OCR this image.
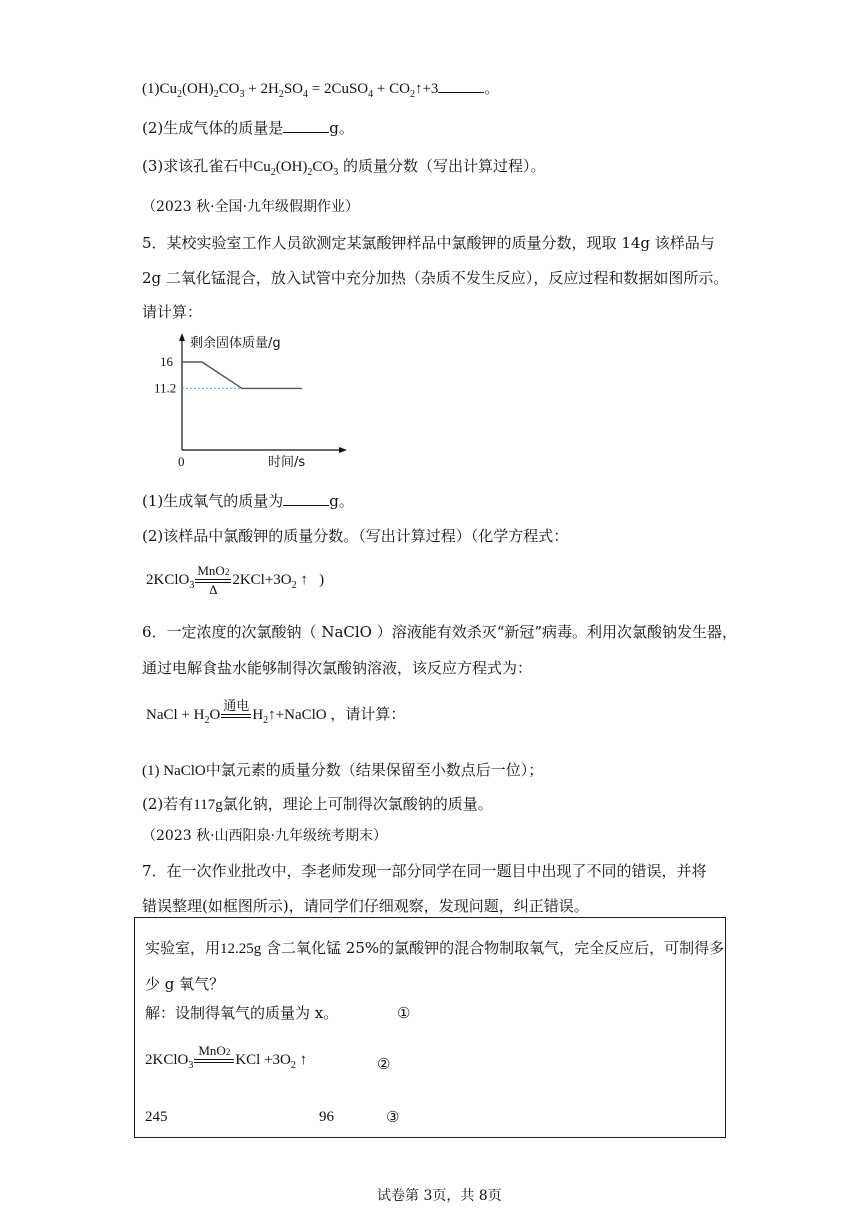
$(1)Cu_2(OH)_2CO_3 + 2H_2SO_4$ = 2CuSO$_4$ + $CO_2↑+3$	。
(2)生成气体的质量是	g。
(3)求该孔雀石中$Cu_2(OH)_2CO_3$ 的质量分数（写出计算过程）。
（2023 秋·全国·九年级假期作业）
5．某校实验室工作人员欲测定某氯酸钾样品中氯酸钾的质量分数，现取 14g 该样品与
2g 二氧化锰混合，放入试管中充分加热（杂质不发生反应），反应过程和数据如图所示。
请计算：
剩余固体质量/g
时间/s
0
16
11.2
(1)生成氧气的质量为	g。
(2)该样品中氯酸钾的质量分数。（写出计算过程）（化学方程式：
2KClO$_3$
MnO2
Δ
$2KCl+3O_2$ ↑   )
6．一定浓度的次氯酸钠（ NaClO ）溶液能有效杀灭“新冠”病毒。利用次氯酸钠发生器，
通过电解食盐水能够制得次氯酸钠溶液，该反应方程式为：
NaCl + $H_2O$
通电

$H_2↑+NaClO$ ，请计算：
(1) NaClO中氯元素的质量分数（结果保留至小数点后一位）；
(2)若有117g氯化钠，理论上可制得次氯酸钠的质量。
（2023 秋·山西阳泉·九年级统考期末）
7．在一次作业批改中，李老师发现一部分同学在同一题目中出现了不同的错误，并将
错误整理(如框图所示)，请同学们仔细观察，发现问题，纠正错误。
实验室，用12.25g 含二氧化锰 25%的氯酸钾的混合物制取氧气，完全反应后，可制得多
少 g 氧气？
解：设制得氧气的质量为 x。	①
2KClO$_3$
MnO2
KCl $+3O_2$ ↑	②
245	96	③
试卷第 3页，共 8页
